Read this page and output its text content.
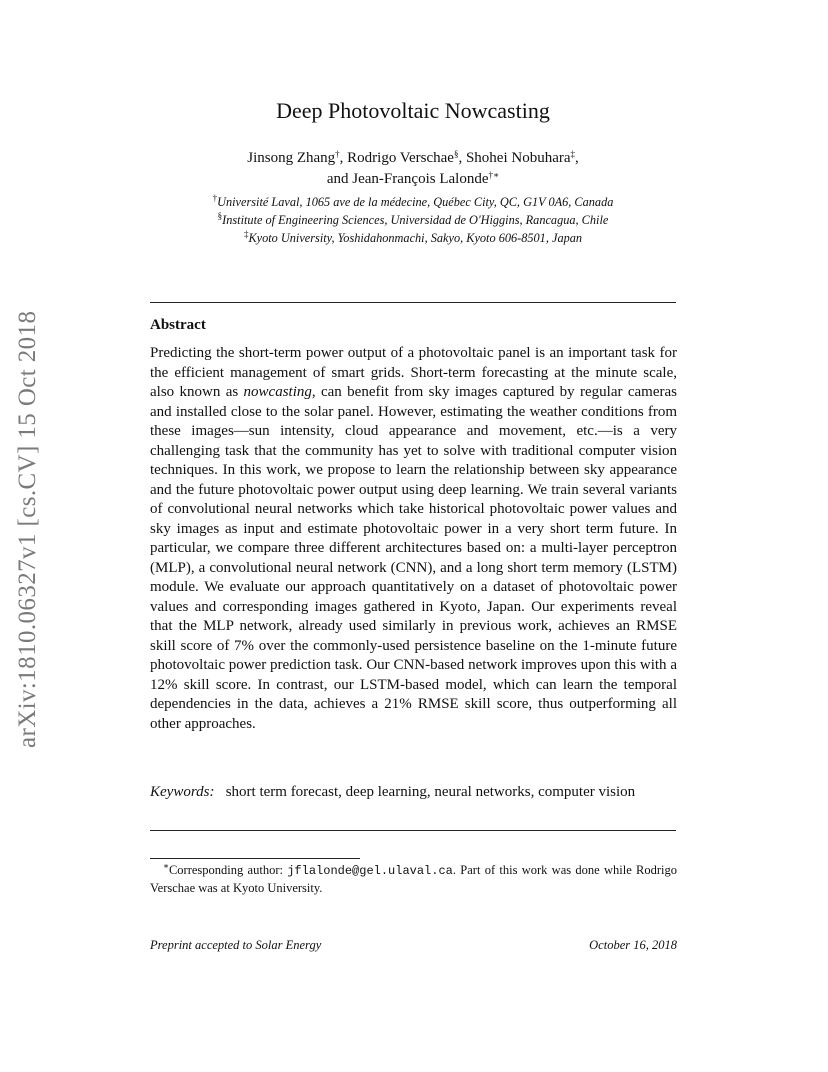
arXiv:1810.06327v1 [cs.CV] 15 Oct 2018
Deep Photovoltaic Nowcasting
Jinsong Zhang†, Rodrigo Verschae§, Shohei Nobuhara‡,
and Jean-François Lalonde†∗
†Université Laval, 1065 ave de la médecine, Québec City, QC, G1V 0A6, Canada
§Institute of Engineering Sciences, Universidad de O'Higgins, Rancagua, Chile
‡Kyoto University, Yoshidahonmachi, Sakyo, Kyoto 606-8501, Japan
Abstract

Predicting the short-term power output of a photovoltaic panel is an important task for the efficient management of smart grids. Short-term forecasting at the minute scale, also known as nowcasting, can benefit from sky images captured by regular cameras and installed close to the solar panel. However, estimating the weather conditions from these images—sun intensity, cloud appearance and movement, etc.—is a very challenging task that the community has yet to solve with traditional computer vision techniques. In this work, we propose to learn the relationship between sky appearance and the future photovoltaic power output using deep learning. We train several variants of convolutional neural networks which take historical photovoltaic power values and sky images as input and estimate photovoltaic power in a very short term future. In particular, we compare three different architectures based on: a multi-layer perceptron (MLP), a convolutional neural network (CNN), and a long short term memory (LSTM) module. We evaluate our approach quantitatively on a dataset of photovoltaic power values and corresponding images gathered in Kyoto, Japan. Our experiments reveal that the MLP network, already used similarly in previous work, achieves an RMSE skill score of 7% over the commonly-used persistence baseline on the 1-minute future photovoltaic power prediction task. Our CNN-based network improves upon this with a 12% skill score. In contrast, our LSTM-based model, which can learn the temporal dependencies in the data, achieves a 21% RMSE skill score, thus outperforming all other approaches.

Keywords: short term forecast, deep learning, neural networks, computer vision

∗Corresponding author: jflalonde@gel.ulaval.ca. Part of this work was done while Rodrigo Verschae was at Kyoto University.

Preprint accepted to Solar Energy	October 16, 2018
